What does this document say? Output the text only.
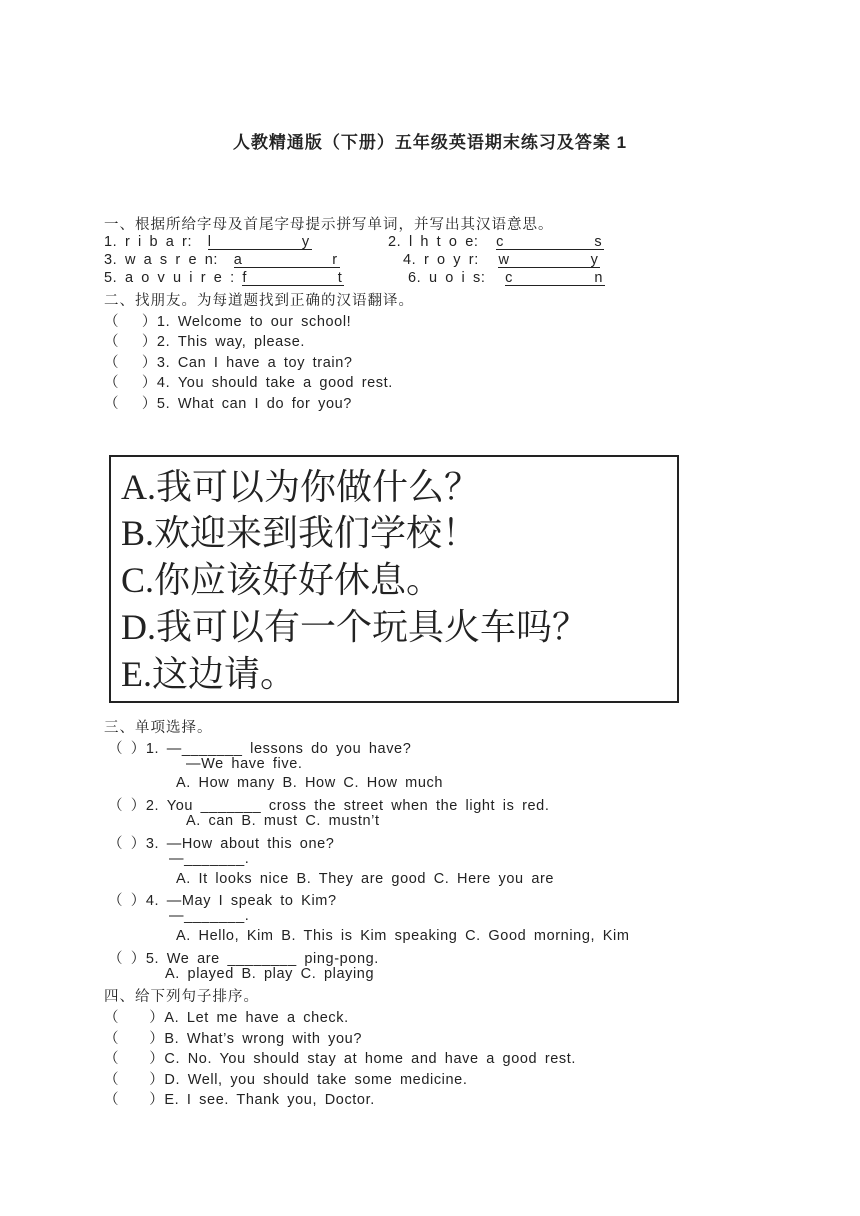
人教精通版（下册）五年级英语期末练习及答案 1
一、根据所给字母及首尾字母提示拼写单词，并写出其汉语意思。
1. r i b a r: l	y	2. l h t o e: c	s
3. w a s r e n: a	r	4. r o y r: w	y
5. a o v u i r e : f	t	6. u o i s: c	n
二、找朋友。为每道题找到正确的汉语翻译。
（　 ）1. Welcome to our school!
（　 ）2. This way, please.
（　 ）3. Can I have a toy train?
（　 ）4. You should take a good rest.
（　 ）5. What can I do for you?
A.我可以为你做什么？
B.欢迎来到我们学校！
C.你应该好好休息。
D.我可以有一个玩具火车吗？
E.这边请。
三、单项选择。
（ ）1. —_______ lessons do you have?
—We have five.
A. How many B. How C. How much
（ ）2. You _______ cross the street when the light is red.
A. can B. must C. mustn’t
（ ）3. —How about this one?
—_______.
A. It looks nice B. They are good C. Here you are
（ ）4. —May I speak to Kim?
—_______.
A. Hello, Kim B. This is Kim speaking C. Good morning, Kim
（ ）5. We are ________ ping-pong.
A. played B. play C. playing
四、给下列句子排序。
（　　）A. Let me have a check.
（　　）B. What’s wrong with you?
（　　）C. No. You should stay at home and have a good rest.
（　　）D. Well, you should take some medicine.
（　　）E. I see. Thank you, Doctor.
